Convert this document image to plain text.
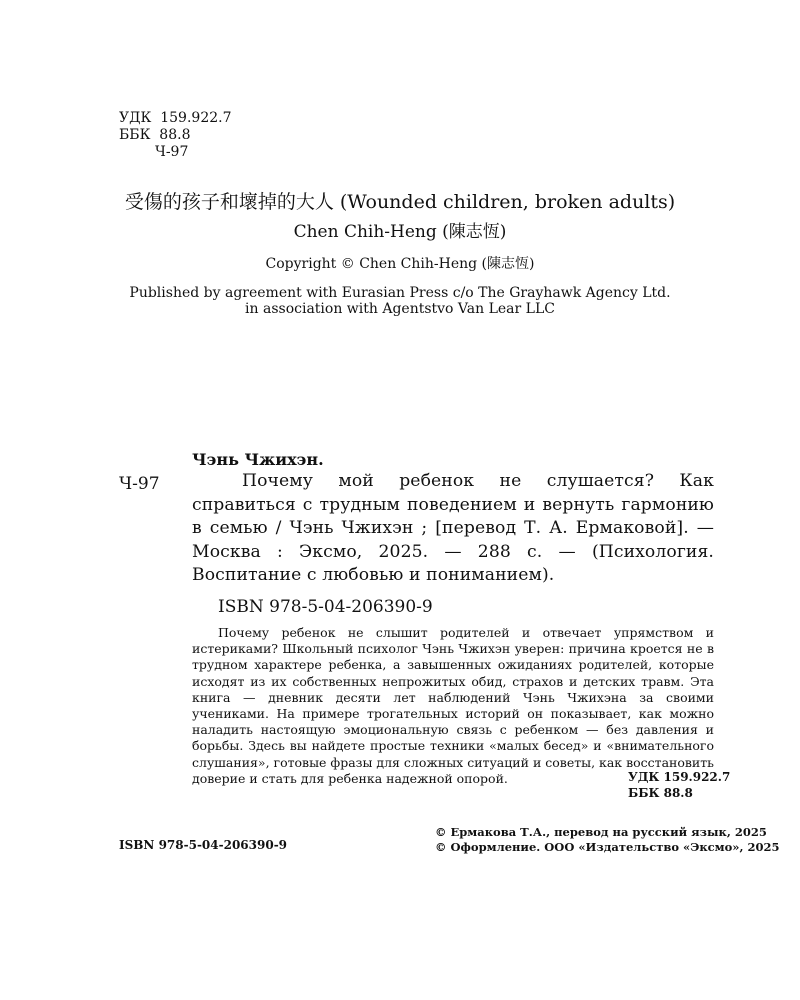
УДК  159.922.7
ББК  88.8
Ч-97
受傷的孩子和壞掉的大人 (Wounded children, broken adults)
Chen Chih-Heng (陳志恆)
Copyright © Chen Chih-Heng (陳志恆)
Published by agreement with Eurasian Press c/o The Grayhawk Agency Ltd.
in association with Agentstvo Van Lear LLC
Чэнь Чжихэн.
Ч-97	Почему мой ребенок не слушается? Как справиться с трудным поведением и вернуть гармонию в семью / Чэнь Чжихэн ; [перевод Т. А. Ермаковой]. — Москва : Эксмо, 2025. — 288 с. — (Психология. Воспитание с любовью и пониманием).
ISBN 978-5-04-206390-9
Почему ребенок не слышит родителей и отвечает упрямством и истериками? Школьный психолог Чэнь Чжихэн уверен: причина кроется не в трудном характере ребенка, а завышенных ожиданиях родителей, которые исходят из их собственных непрожитых обид, страхов и детских травм. Эта книга — дневник десяти лет наблюдений Чэнь Чжихэна за своими учениками. На примере трогательных историй он показывает, как можно наладить настоящую эмоциональную связь с ребенком — без давления и борьбы. Здесь вы найдете простые техники «малых бесед» и «внимательного слушания», готовые фразы для сложных ситуаций и советы, как восстановить доверие и стать для ребенка надежной опорой.	УДК 159.922.7
ББК 88.8
ISBN 978-5-04-206390-9
© Ермакова Т.А., перевод на русский язык, 2025
© Оформление. ООО «Издательство «Эксмо», 2025
